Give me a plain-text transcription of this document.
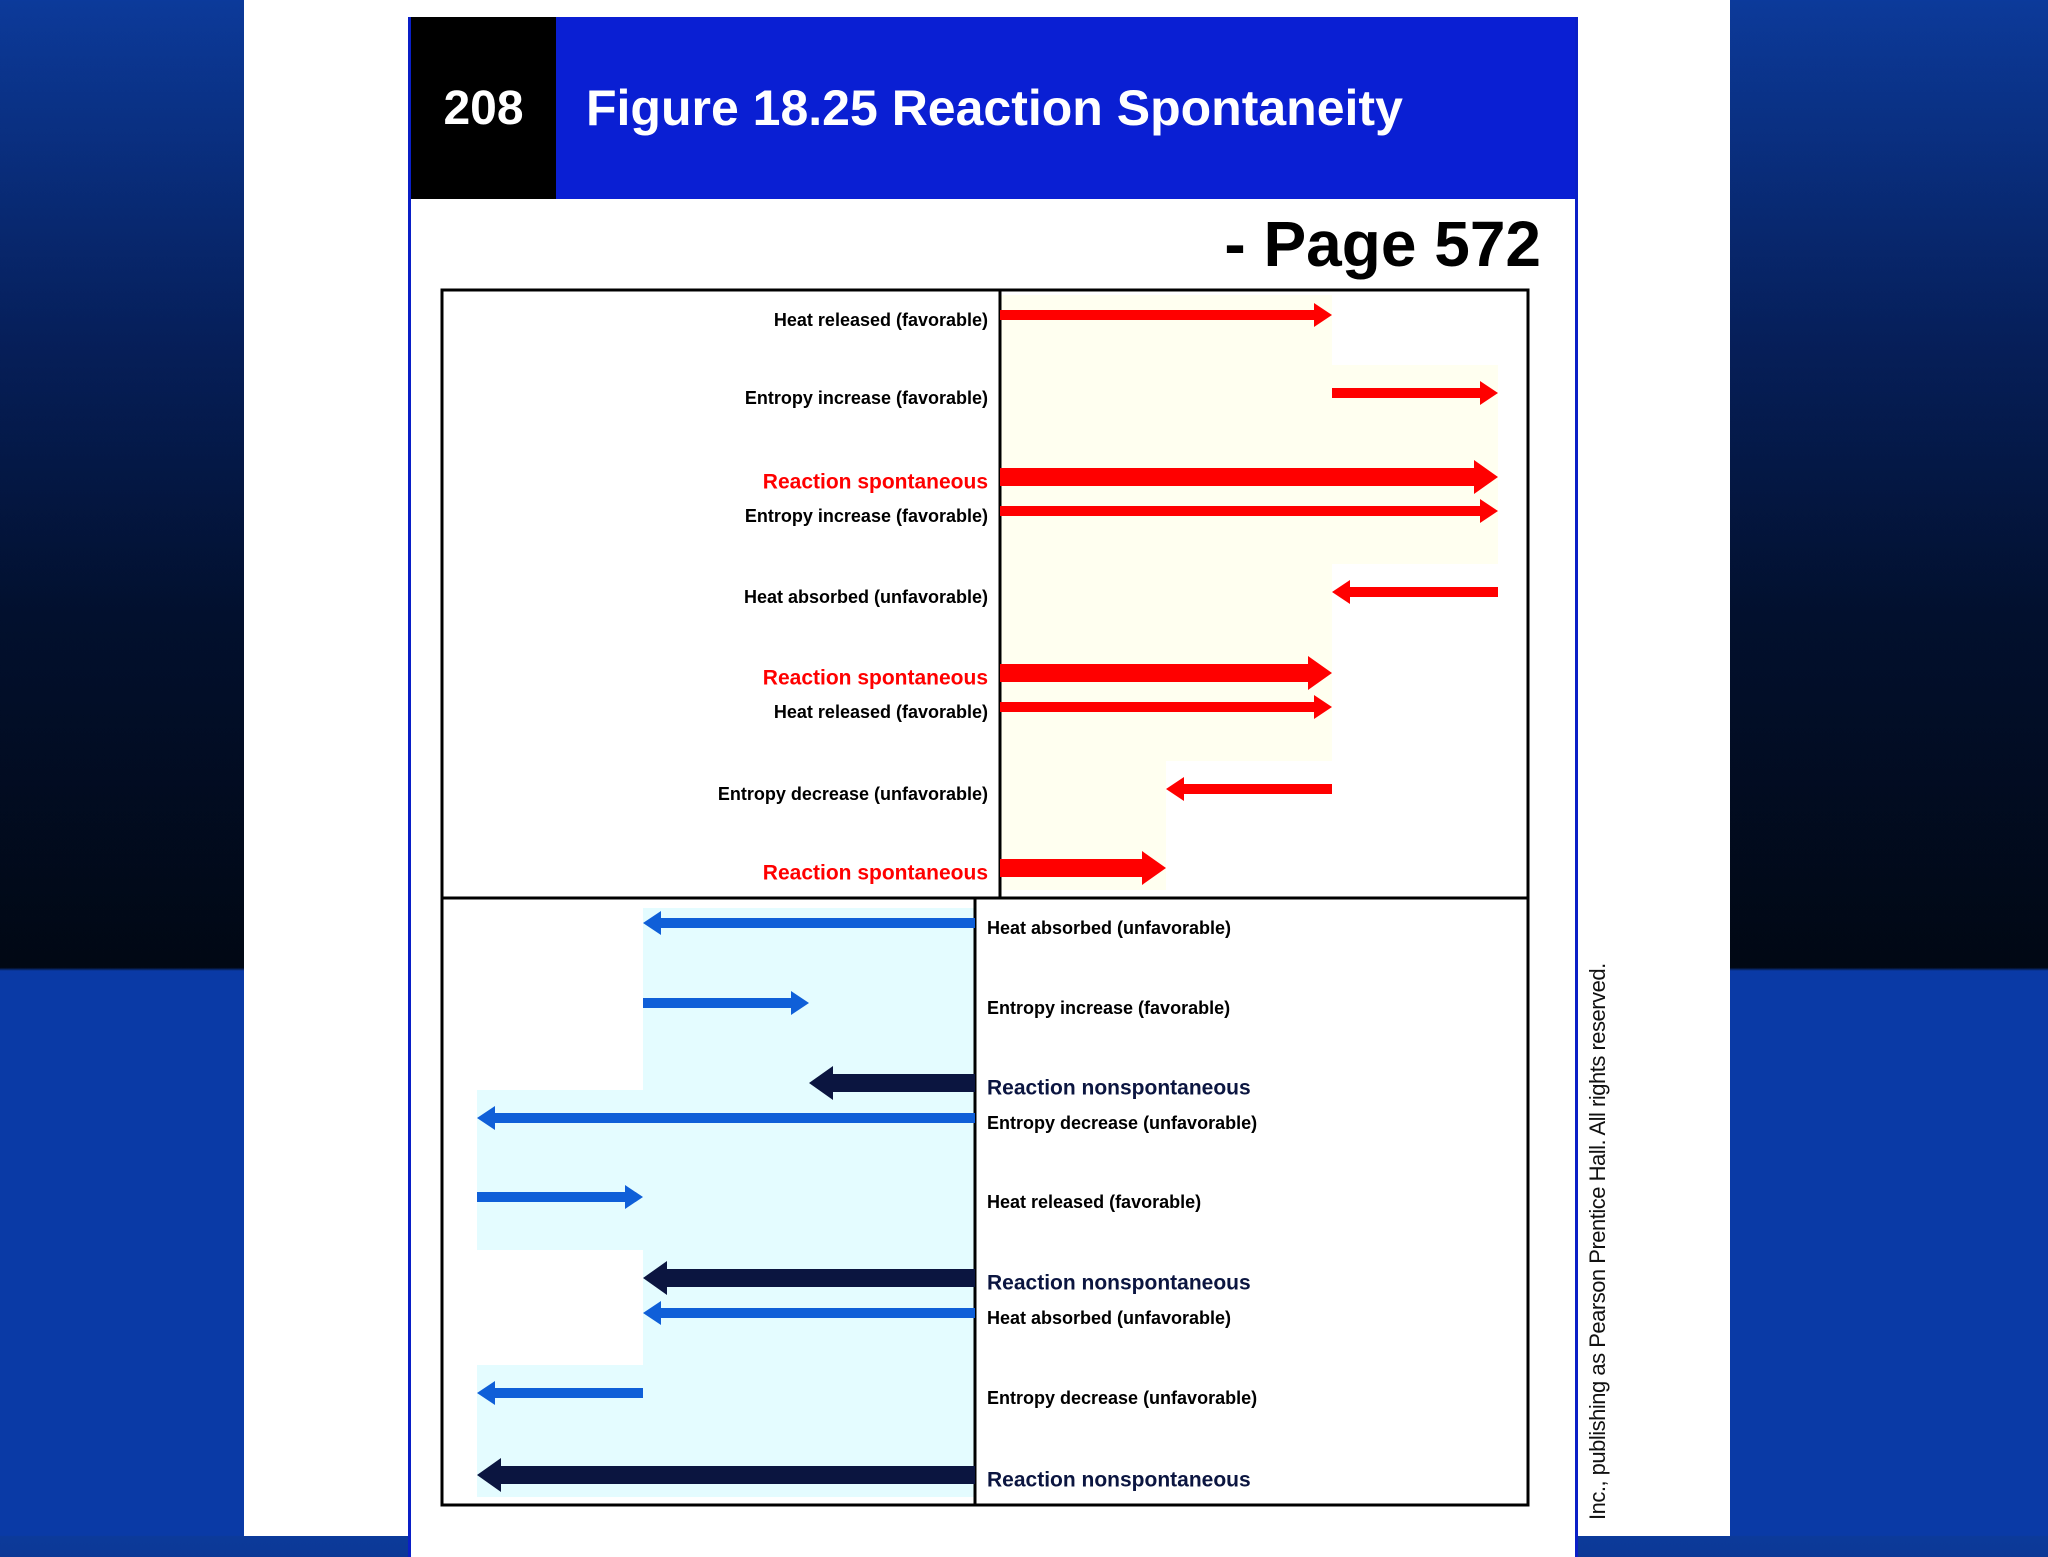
208	Figure 18.25 Reaction Spontaneity
- Page 572
Heat released (favorable)
Entropy increase (favorable)
Reaction spontaneous
Entropy increase (favorable)
Heat absorbed (unfavorable)
Reaction spontaneous
Heat released (favorable)
Entropy decrease (unfavorable)
Reaction spontaneous
Heat absorbed (unfavorable)
Entropy increase (favorable)
Reaction nonspontaneous
Entropy decrease (unfavorable)
Heat released (favorable)
Reaction nonspontaneous
Heat absorbed (unfavorable)
Entropy decrease (unfavorable)
Reaction nonspontaneous	Inc., publishing as Pearson Prentice Hall. All rights reserved.
